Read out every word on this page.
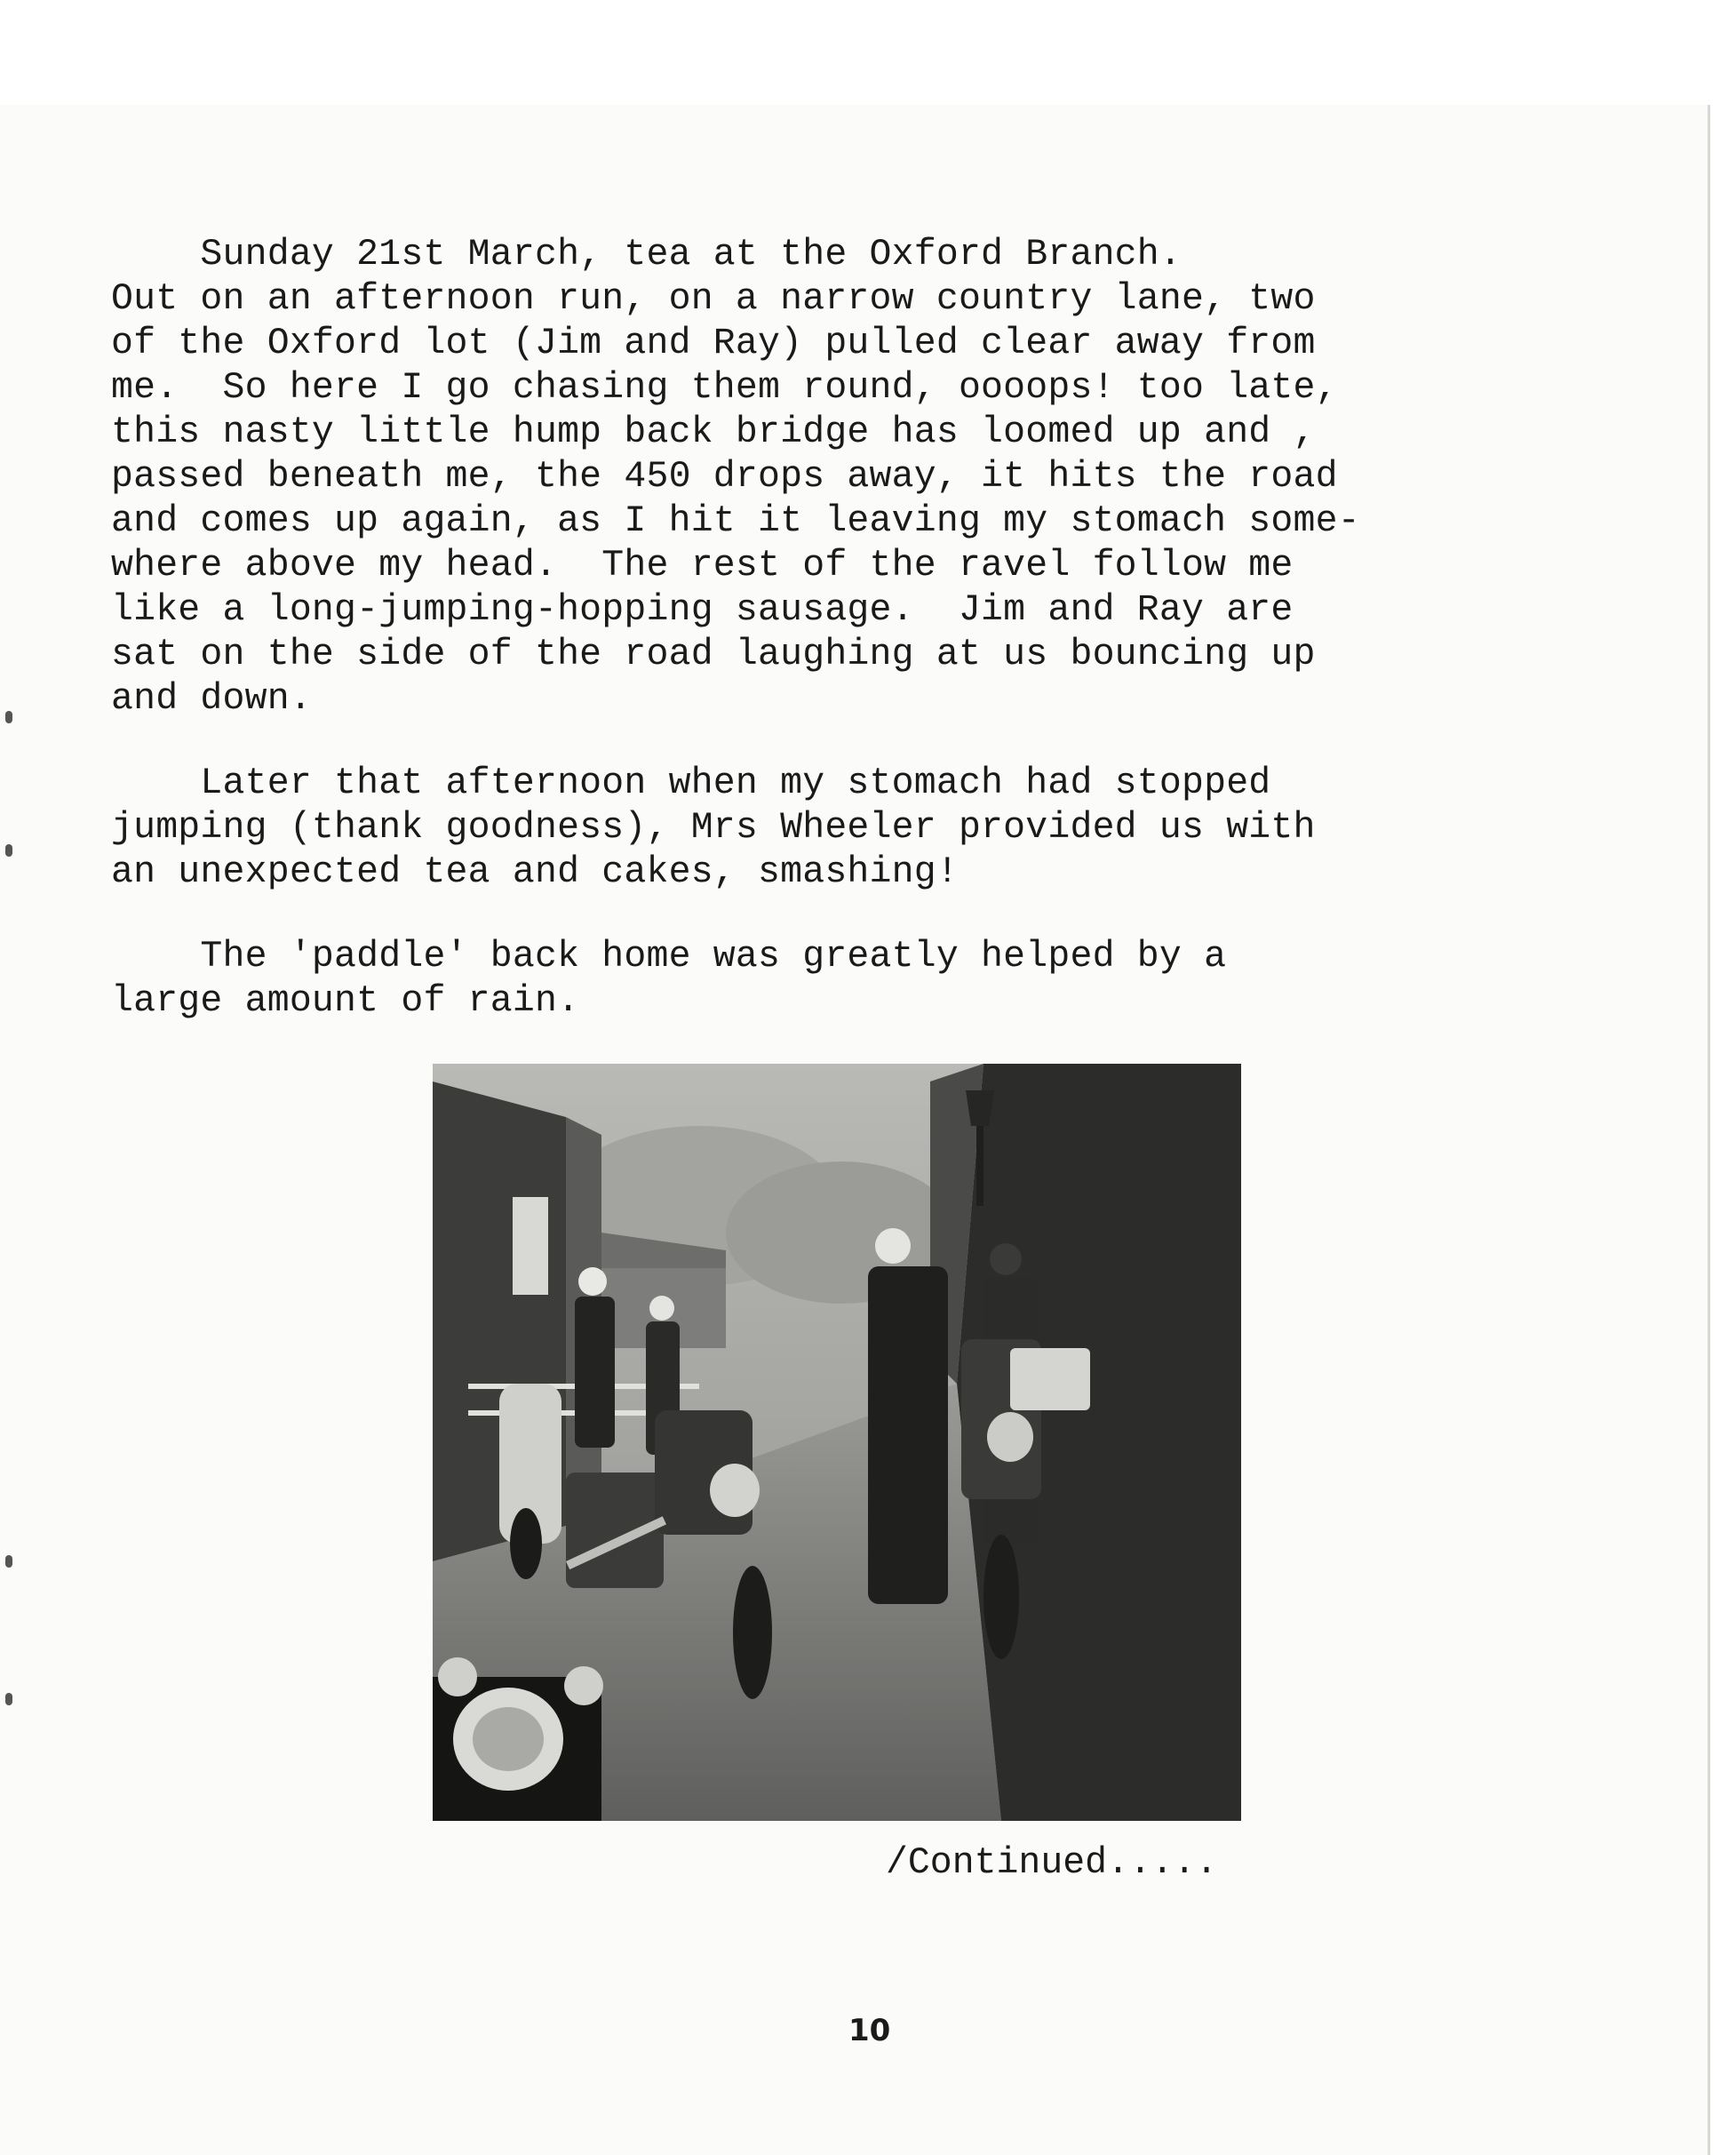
Sunday 21st March, tea at the Oxford Branch.
Out on an afternoon run, on a narrow country lane, two
of the Oxford lot (Jim and Ray) pulled clear away from
me.  So here I go chasing them round, oooops! too late,
this nasty little hump back bridge has loomed up and ,
passed beneath me, the 450 drops away, it hits the road
and comes up again, as I hit it leaving my stomach some-
where above my head.  The rest of the ravel follow me
like a long-jumping-hopping sausage.  Jim and Ray are
sat on the side of the road laughing at us bouncing up
and down.

Later that afternoon when my stomach had stopped
jumping (thank goodness), Mrs Wheeler provided us with
an unexpected tea and cakes, smashing!

The 'paddle' back home was greatly helped by a
large amount of rain.

/Continued.....
10
